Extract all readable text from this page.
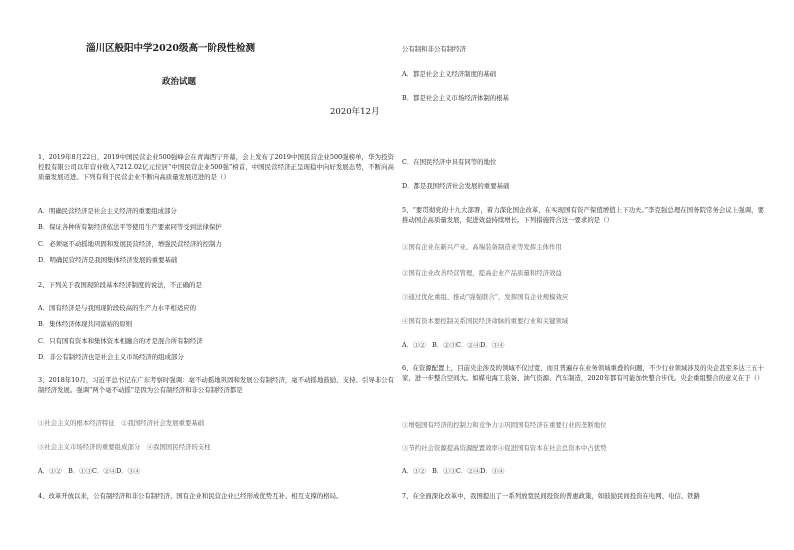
淄川区般阳中学2020级高一阶段性检测
政治试题
2020年12月
1、2019年8月22日，2019中国民营企业500强峰会在青海西宁开幕，会上发布了2019中国民营企业500强榜单，华为投资控股有限公司以年营业收入7212.02亿元位居“中国民营企业500强”榜首，中国民营经济正呈现稳中向好发展态势，不断向高质量发展迈进。下列有利于民营企业不断向高质量发展迈进的是（）
A．明确民营经济是社会主义经济的重要组成部分
B．保证各种所有制经济依法平等使用生产要素同等受到法律保护
C．必须毫不动摇地巩固和发展民营经济，增强民营经济的控制力
D．明确民营经济是我国集体经济发展的重要基础
2、下列关于我国现阶段基本经济制度的说法，不正确的是
A．国有经济是与我国现阶段较高的生产力水平相适应的
B．集体经济体现共同富裕的原则
C．只有国有资本和集体资本相融合的才是混合所有制经济
D．非公有制经济也是社会主义市场经济的组成部分
3、2018年10月，习近平总书记在广东考察时强调：毫不动摇地巩固和发展公有制经济，毫不动摇地鼓励、支持、引导非公有制经济发展。强调“两个毫不动摇”是因为公有制经济和非公有制经济都是
①社会主义的根本经济特征　②我国经济社会发展重要基础
③社会主义市场经济的重要组成部分　④我国国民经济的支柱
A．①②　B．①③C．②④D．③④
4、改革开放以来，公有制经济和非公有制经济、国有企业和民营企业已经形成优势互补、相互支撑的格局。
公有制和非公有制经济
A．都是社会主义经济制度的基础
B．都是社会主义市场经济体制的根基
C．在国民经济中具有同等的地位
D．都是我国经济社会发展的重要基础
5、“要贯彻党的十九大部署，着力深化国企改革，在实现国有资产保值增值上下功夫。”李克强总理在国务院常务会议上强调，要推动国企高质量发展，促进效益持续增长。下列措施符合这一要求的是（）
①国有企业在新兴产业、高端装备制造业等发挥主体作用
②国有企业改善经营管理，提高企业产品质量和经济效益
③通过优化重组、推动“强强联合”，发挥国有企业规模效应
④国有资本要控制关系国民经济命脉的重要行业和关键领域
A．①②　B．②③C．②④D．③④
6、在资源配置上，目前央企涉及的领域不仅过宽，而且普遍存在业务领域重叠的问题，不少行业领域涉及的央企甚至多达三五十家，进一步整合空间大。如媒电海工装备、油气资源、汽车制造，2020年都有可能加快整合步伐。央企重组整合的意义在于（）
①增强国有经济的控制力和竞争力②巩固国有经济在重要行业的垄断地位
③节约社会资源提高资源配置效率④促进国有资本在社会总资本中占优势
A．①②　B．①③C．②④D．③④
7、在全面深化改革中，我国提出了一系列放宽民间投资的普惠政策，如鼓励民间投资在电网、电信、铁路
